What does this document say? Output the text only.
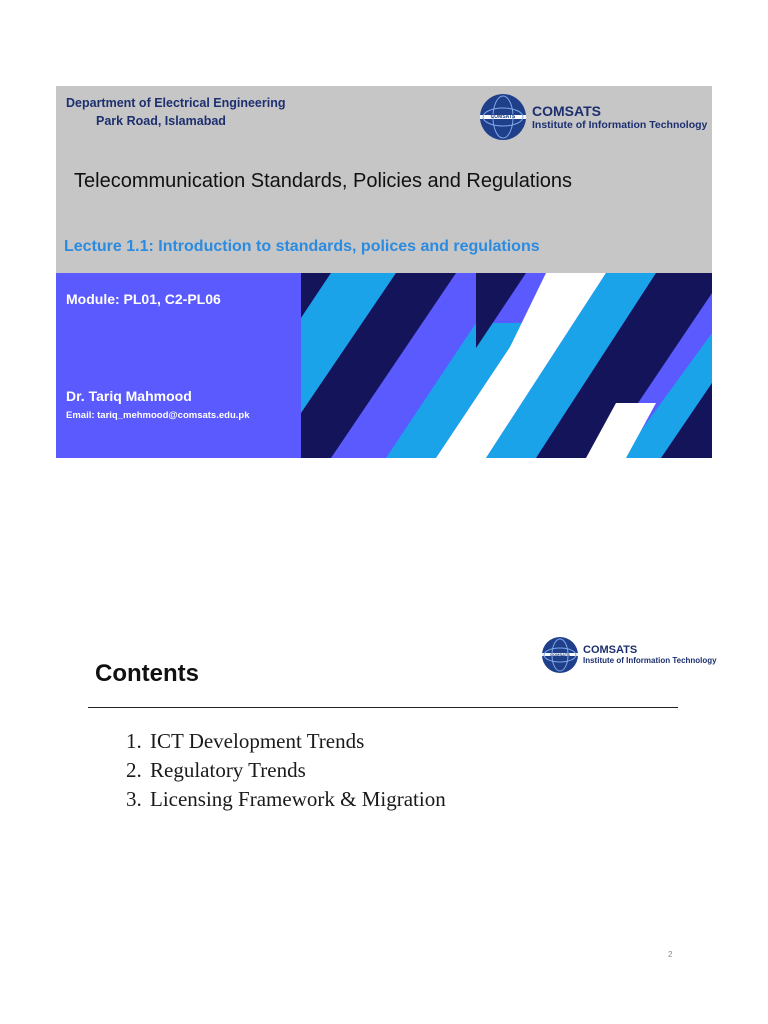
Department of Electrical Engineering
Park Road, Islamabad	COMSATS	COMSATS
Institute of Information Technology
Telecommunication Standards, Policies and Regulations
Lecture 1.1: Introduction to standards, polices and regulations
Module: PL01, C2-PL06
Dr. Tariq Mahmood
Email: tariq_mehmood@comsats.edu.pk
COMSATS	COMSATS
Institute of Information Technology
Contents
1. ICT Development Trends
2. Regulatory Trends
3. Licensing Framework & Migration
2
